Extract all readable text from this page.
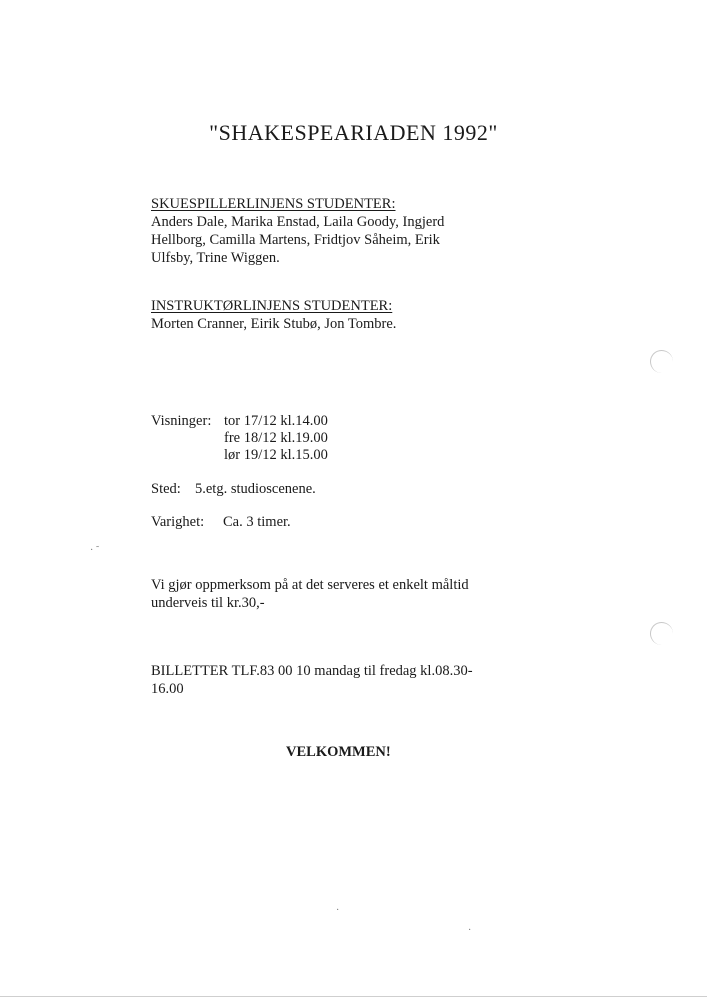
"SHAKESPEARIADEN 1992"
SKUESPILLERLINJENS STUDENTER:
Anders Dale, Marika Enstad, Laila Goody, Ingjerd
Hellborg, Camilla Martens, Fridtjov Såheim, Erik
Ulfsby, Trine Wiggen.
INSTRUKTØRLINJENS STUDENTER:
Morten Cranner, Eirik Stubø, Jon Tombre.
Visninger: tor 17/12 kl.14.00
fre 18/12 kl.19.00
lør 19/12 kl.15.00
Sted: 5.etg. studioscenene.
Varighet: Ca. 3 timer.
Vi gjør oppmerksom på at det serveres et enkelt måltid
underveis til kr.30,-
BILLETTER TLF.83 00 10 mandag til fredag kl.08.30-
16.00
VELKOMMEN!
· ˜
·
·
